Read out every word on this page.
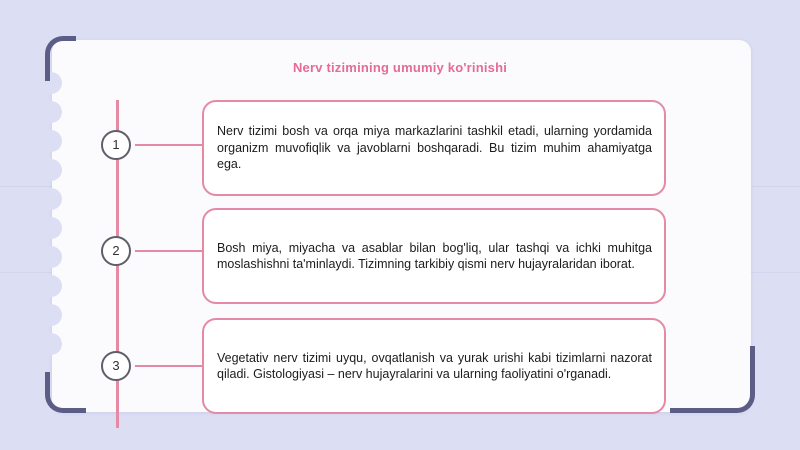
Nerv tizimining umumiy ko'rinishi
1

Nerv tizimi bosh va orqa miya markazlarini tashkil etadi, ularning yordamida organizm muvofiqlik va javoblarni boshqaradi. Bu tizim muhim ahamiyatga ega.

2	Bosh miya, miyacha va asablar bilan bog'liq, ular tashqi va ichki muhitga moslashishni ta'minlaydi. Tizimning tarkibiy qismi nerv hujayralaridan iborat.

3

Vegetativ nerv tizimi uyqu, ovqatlanish va yurak urishi kabi tizimlarni nazorat qiladi. Gistologiyasi – nerv hujayralarini va ularning faoliyatini o'rganadi.
